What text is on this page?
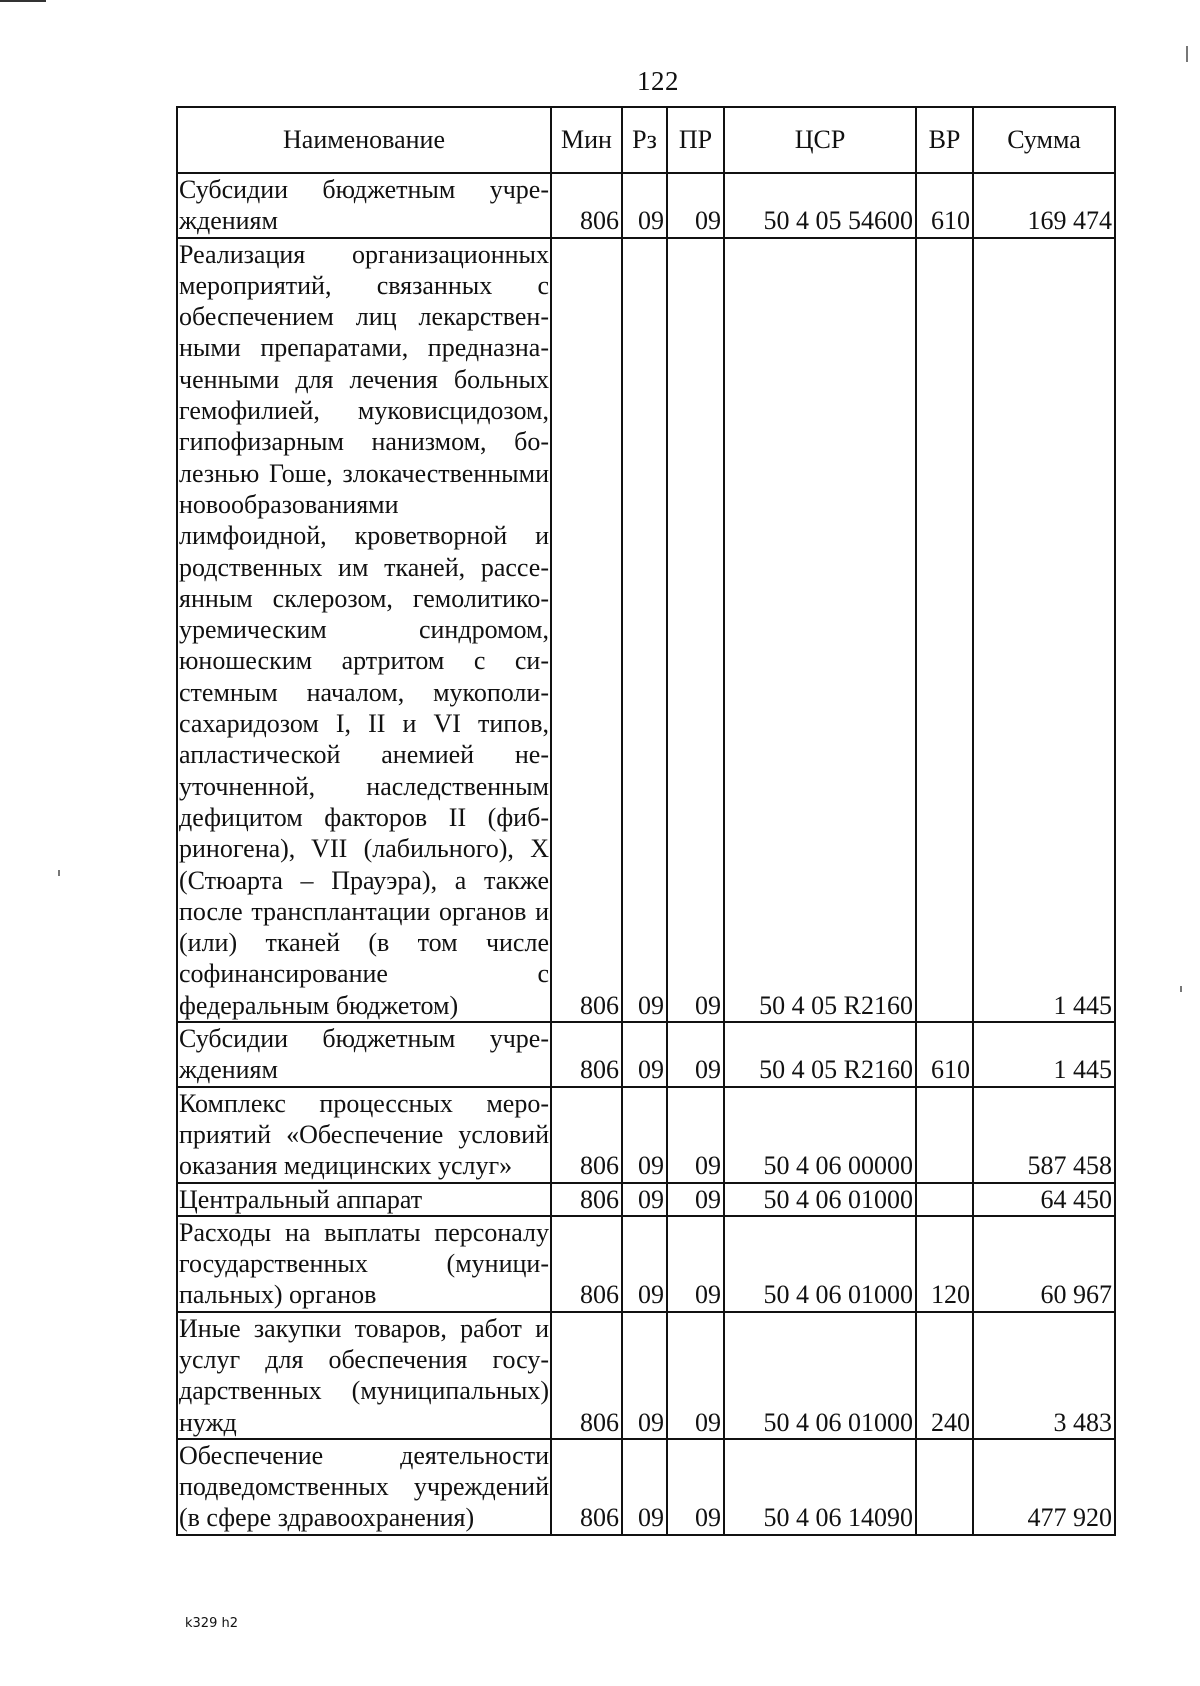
122
Наименование	Мин	Рз	ПР	ЦСР	ВР	Сумма
Субсидии бюджетным учреждениям	806	09	09	50 4 05 54600	610	169 474
Реализация организационных мероприятий, связанных с обеспечением лиц лекарственными препаратами, предназначенными для лечения больных гемофилией, муковисцидозом, гипофизарным нанизмом, болезнью Гоше, злокачественными новообразованиями лимфоидной, кроветворной и родственных им тканей, рассеянным склерозом, гемолитико-уремическим синдромом, юношеским артритом с системным началом, мукополисахаридозом I, II и VI типов, апластической анемией неуточненной, наследственным дефицитом факторов II (фибриногена), VII (лабильного), X (Стюарта – Прауэра), а также после трансплантации органов и (или) тканей (в том числе софинансирование с федеральным бюджетом)	806	09	09	50 4 05 R2160		1 445
Субсидии бюджетным учреждениям	806	09	09	50 4 05 R2160	610	1 445
Комплекс процессных мероприятий «Обеспечение условий оказания медицинских услуг»	806	09	09	50 4 06 00000		587 458
Центральный аппарат	806	09	09	50 4 06 01000		64 450
Расходы на выплаты персоналу государственных (муниципальных) органов	806	09	09	50 4 06 01000	120	60 967
Иные закупки товаров, работ и услуг для обеспечения государственных (муниципальных) нужд	806	09	09	50 4 06 01000	240	3 483
Обеспечение деятельности подведомственных учреждений (в сфере здравоохранения)	806	09	09	50 4 06 14090		477 920
k329 h2
